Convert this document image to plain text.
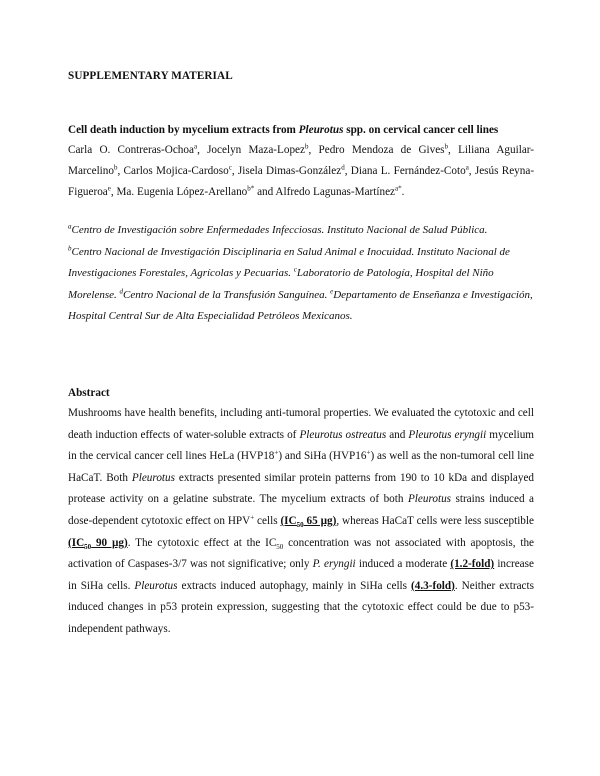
SUPPLEMENTARY MATERIAL
Cell death induction by mycelium extracts from Pleurotus spp. on cervical cancer cell lines
Carla O. Contreras-Ochoa$^a$, Jocelyn Maza-Lopez$^b$, Pedro Mendoza de Gives$^b$, Liliana Aguilar-Marcelino$^b$, Carlos Mojica-Cardoso$^c$, Jisela Dimas-González$^d$, Diana L. Fernández-Coto$^a$, Jesús Reyna-Figueroa$^e$, Ma. Eugenia López-Arellano$^{b*}$ and Alfredo Lagunas-Martínez$^{a*}$.
$^a$Centro de Investigación sobre Enfermedades Infecciosas. Instituto Nacional de Salud Pública.
$^b$Centro Nacional de Investigación Disciplinaria en Salud Animal e Inocuidad. Instituto Nacional de Investigaciones Forestales, Agrícolas y Pecuarias. $^c$Laboratorio de Patología, Hospital del Niño Morelense. $^d$Centro Nacional de la Transfusión Sanguínea. $^e$Departamento de Enseñanza e Investigación, Hospital Central Sur de Alta Especialidad Petróleos Mexicanos.
Abstract
Mushrooms have health benefits, including anti-tumoral properties. We evaluated the cytotoxic and cell death induction effects of water-soluble extracts of Pleurotus ostreatus and Pleurotus eryngii mycelium in the cervical cancer cell lines HeLa (HVP18+) and SiHa (HVP16+) as well as the non-tumoral cell line HaCaT. Both Pleurotus extracts presented similar protein patterns from 190 to 10 kDa and displayed protease activity on a gelatine substrate. The mycelium extracts of both Pleurotus strains induced a dose-dependent cytotoxic effect on HPV+ cells ($IC_{50}$ 65 µg), whereas HaCaT cells were less susceptible ($IC_{50}$ 90 µg). The cytotoxic effect at the $IC_{50}$ concentration was not associated with apoptosis, the activation of Caspases-3/7 was not significative; only P. eryngii induced a moderate (1.2-fold) increase in SiHa cells. Pleurotus extracts induced autophagy, mainly in SiHa cells (4.3-fold). Neither extracts induced changes in p53 protein expression, suggesting that the cytotoxic effect could be due to p53-independent pathways.
